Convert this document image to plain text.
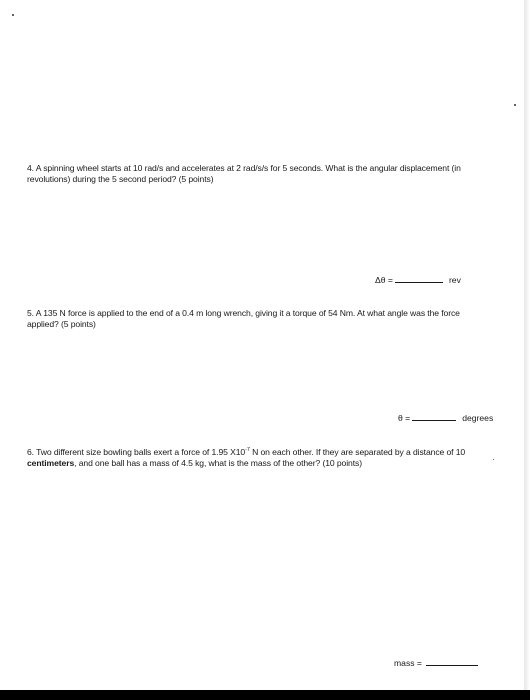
4. A spinning wheel starts at 10 rad/s and accelerates at 2 rad/s/s for 5 seconds. What is the angular displacement (in revolutions) during the 5 second period? (5 points)

Δθ =	rev

5. A 135 N force is applied to the end of a 0.4 m long wrench, giving it a torque of 54 Nm. At what angle was the force applied? (5 points)

θ =	degrees

6. Two different size bowling balls exert a force of 1.95 $X10^{-7}$ N on each other. If they are separated by a distance of 10 centimeters, and one ball has a mass of 4.5 kg, what is the mass of the other? (10 points)

mass =
